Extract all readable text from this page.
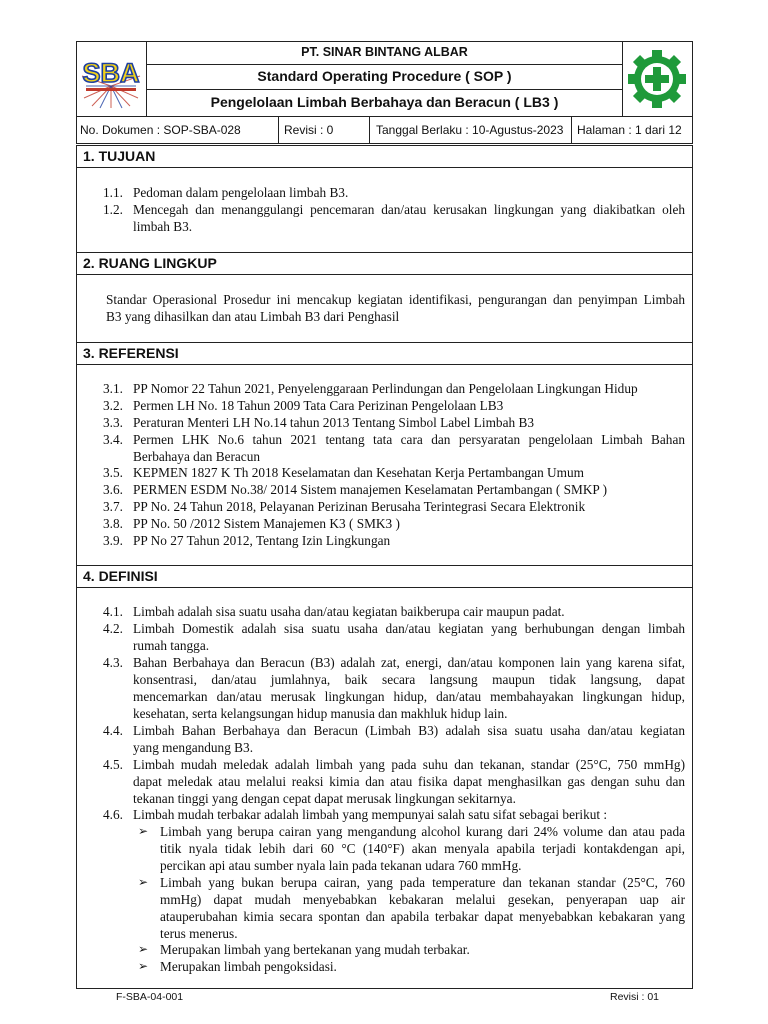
SBA
PT. SINAR BINTANG ALBAR
Standard Operating Procedure ( SOP )
Pengelolaan Limbah Berbahaya dan Beracun ( LB3 )
No. Dokumen : SOP-SBA-028	Revisi : 0	Tanggal Berlaku : 10-Agustus-2023	Halaman : 1 dari 12
1. TUJUAN
1.1. Pedoman dalam pengelolaan limbah B3.
1.2. Mencegah dan menanggulangi pencemaran dan/atau kerusakan lingkungan yang diakibatkan oleh
limbah B3.
2. RUANG LINGKUP
Standar Operasional Prosedur ini mencakup kegiatan identifikasi, pengurangan dan penyimpan Limbah
B3 yang dihasilkan dan atau Limbah B3 dari Penghasil
3. REFERENSI
3.1. PP Nomor 22 Tahun 2021, Penyelenggaraan Perlindungan dan Pengelolaan Lingkungan Hidup
3.2. Permen LH No. 18 Tahun 2009 Tata Cara Perizinan Pengelolaan LB3
3.3. Peraturan Menteri LH No.14 tahun 2013 Tentang Simbol Label Limbah B3
3.4. Permen LHK No.6 tahun 2021 tentang tata cara dan persyaratan pengelolaan Limbah Bahan
Berbahaya dan Beracun
3.5. KEPMEN 1827 K Th 2018 Keselamatan dan Kesehatan Kerja Pertambangan Umum
3.6. PERMEN ESDM No.38/ 2014 Sistem manajemen Keselamatan Pertambangan ( SMKP )
3.7. PP No. 24 Tahun 2018, Pelayanan Perizinan Berusaha Terintegrasi Secara Elektronik
3.8. PP No. 50 /2012 Sistem Manajemen K3 ( SMK3 )
3.9. PP No 27 Tahun 2012, Tentang Izin Lingkungan
4. DEFINISI
4.1. Limbah adalah sisa suatu usaha dan/atau kegiatan baikberupa cair maupun padat.
4.2. Limbah Domestik adalah sisa suatu usaha dan/atau kegiatan yang berhubungan dengan limbah
rumah tangga.
4.3. Bahan Berbahaya dan Beracun (B3) adalah zat, energi, dan/atau komponen lain yang karena sifat,
konsentrasi, dan/atau jumlahnya, baik secara langsung maupun tidak langsung, dapat
mencemarkan dan/atau merusak lingkungan hidup, dan/atau membahayakan lingkungan hidup,
kesehatan, serta kelangsungan hidup manusia dan makhluk hidup lain.
4.4. Limbah Bahan Berbahaya dan Beracun (Limbah B3) adalah sisa suatu usaha dan/atau kegiatan
yang mengandung B3.
4.5. Limbah mudah meledak adalah limbah yang pada suhu dan tekanan, standar (25°C, 750 mmHg)
dapat meledak atau melalui reaksi kimia dan atau fisika dapat menghasilkan gas dengan suhu dan
tekanan tinggi yang dengan cepat dapat merusak lingkungan sekitarnya.
4.6. Limbah mudah terbakar adalah limbah yang mempunyai salah satu sifat sebagai berikut :
➢ Limbah yang berupa cairan yang mengandung alcohol kurang dari 24% volume dan atau pada
titik nyala tidak lebih dari 60 °C (140°F) akan menyala apabila terjadi kontakdengan api,
percikan api atau sumber nyala lain pada tekanan udara 760 mmHg.
➢ Limbah yang bukan berupa cairan, yang pada temperature dan tekanan standar (25°C, 760
mmHg) dapat mudah menyebabkan kebakaran melalui gesekan, penyerapan uap air
atauperubahan kimia secara spontan dan apabila terbakar dapat menyebabkan kebakaran yang
terus menerus.
➢ Merupakan limbah yang bertekanan yang mudah terbakar.
➢ Merupakan limbah pengoksidasi.
F-SBA-04-001	Revisi : 01
